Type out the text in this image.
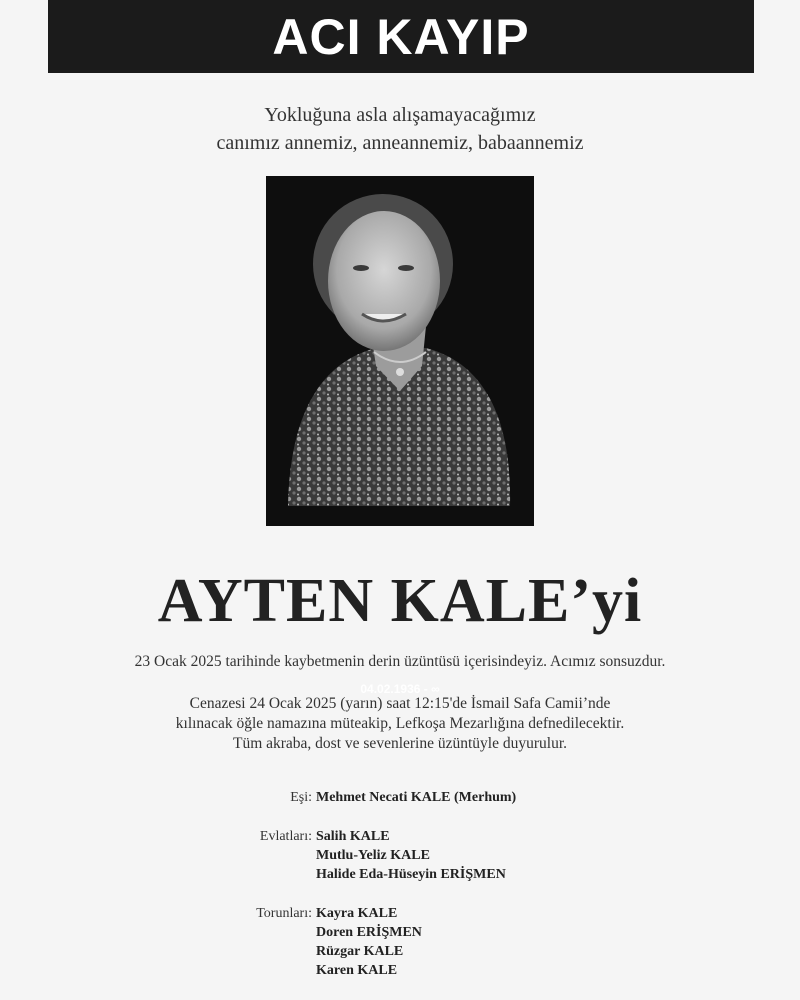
ACI KAYIP
Yokluğuna asla alışamayacağımız
canımız annemiz, anneannemiz, babaannemiz
04.02.1936 - ∞
AYTEN KALE’yi
23 Ocak 2025 tarihinde kaybetmenin derin üzüntüsü içerisindeyiz. Acımız sonsuzdur.
Cenazesi 24 Ocak 2025 (yarın) saat 12:15'de İsmail Safa Camii’nde
kılınacak öğle namazına müteakip, Lefkoşa Mezarlığına defnedilecektir.
Tüm akraba, dost ve sevenlerine üzüntüyle duyurulur.
Eşi: Mehmet Necati KALE (Merhum)
Evlatları: Salih KALE
Mutlu-Yeliz KALE
Halide Eda-Hüseyin ERİŞMEN
Torunları: Kayra KALE
Doren ERİŞMEN
Rüzgar KALE
Karen KALE
